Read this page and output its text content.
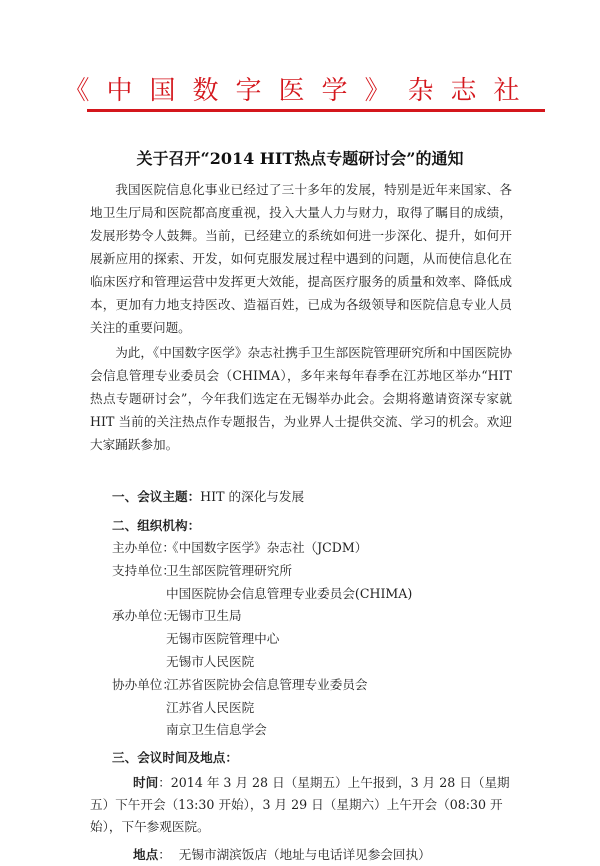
《中国数字医学》杂志社
关于召开“2014 HIT热点专题研讨会”的通知

我国医院信息化事业已经过了三十多年的发展，特别是近年来国家、各地卫生厅局和医院都高度重视，投入大量人力与财力，取得了瞩目的成绩，发展形势令人鼓舞。当前，已经建立的系统如何进一步深化、提升，如何开展新应用的探索、开发，如何克服发展过程中遇到的问题，从而使信息化在临床医疗和管理运营中发挥更大效能，提高医疗服务的质量和效率、降低成本，更加有力地支持医改、造福百姓，已成为各级领导和医院信息专业人员关注的重要问题。

为此，《中国数字医学》杂志社携手卫生部医院管理研究所和中国医院协会信息管理专业委员会（CHIMA），多年来每年春季在江苏地区举办“HIT 热点专题研讨会”，今年我们选定在无锡举办此会。会期将邀请资深专家就 HIT 当前的关注热点作专题报告，为业界人士提供交流、学习的机会。欢迎大家踊跃参加。

一、会议主题：HIT 的深化与发展
二、组织机构：
主办单位：《中国数字医学》杂志社（JCDM）
支持单位：卫生部医院管理研究所
中国医院协会信息管理专业委员会(CHIMA)
承办单位：无锡市卫生局
无锡市医院管理中心
无锡市人民医院
协办单位：江苏省医院协会信息管理专业委员会
江苏省人民医院
南京卫生信息学会
三、会议时间及地点：

时间：2014 年 3 月 28 日（星期五）上午报到，3 月 28 日（星期五）下午开会（13:30 开始），3 月 29 日（星期六）上午开会（08:30 开始），下午参观医院。

地点：  无锡市湖滨饭店（地址与电话详见参会回执）
